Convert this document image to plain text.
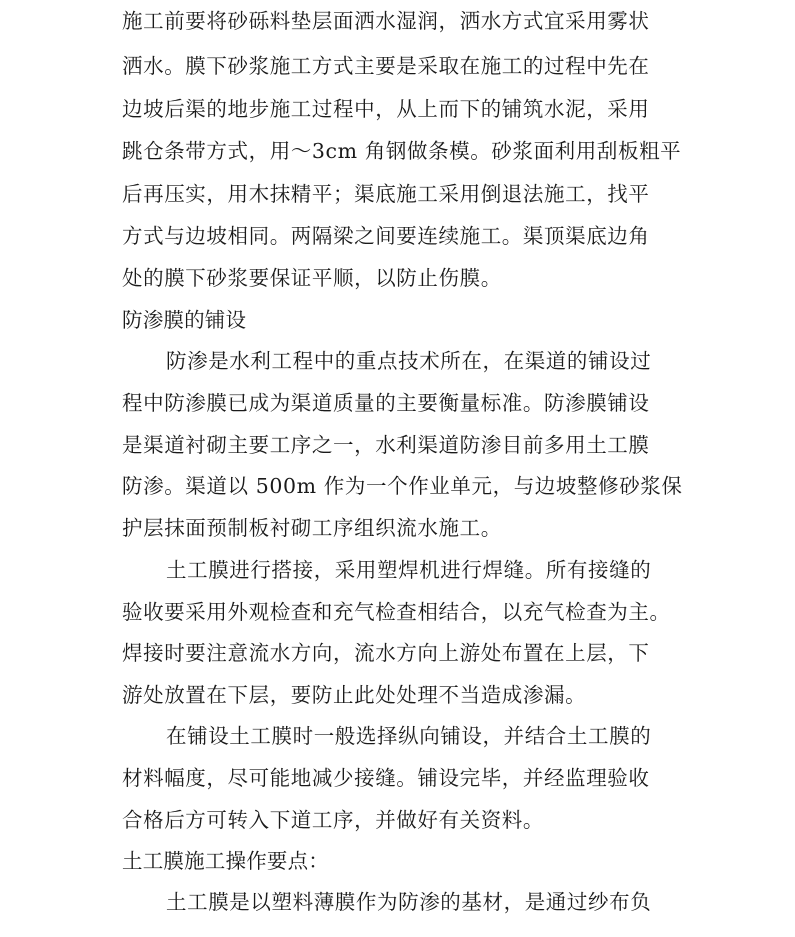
施工前要将砂砾料垫层面洒水湿润，洒水方式宜采用雾状
洒水。膜下砂浆施工方式主要是采取在施工的过程中先在
边坡后渠的地步施工过程中，从上而下的铺筑水泥，采用
跳仓条带方式，用～3cm 角钢做条模。砂浆面利用刮板粗平
后再压实，用木抹精平；渠底施工采用倒退法施工，找平
方式与边坡相同。两隔梁之间要连续施工。渠顶渠底边角
处的膜下砂浆要保证平顺，以防止伤膜。
防渗膜的铺设
防渗是水利工程中的重点技术所在，在渠道的铺设过
程中防渗膜已成为渠道质量的主要衡量标准。防渗膜铺设
是渠道衬砌主要工序之一，水利渠道防渗目前多用土工膜
防渗。渠道以 500m 作为一个作业单元，与边坡整修砂浆保
护层抹面预制板衬砌工序组织流水施工。
土工膜进行搭接，采用塑焊机进行焊缝。所有接缝的
验收要采用外观检查和充气检查相结合，以充气检查为主。
焊接时要注意流水方向，流水方向上游处布置在上层，下
游处放置在下层，要防止此处处理不当造成渗漏。
在铺设土工膜时一般选择纵向铺设，并结合土工膜的
材料幅度，尽可能地减少接缝。铺设完毕，并经监理验收
合格后方可转入下道工序，并做好有关资料。
土工膜施工操作要点：
土工膜是以塑料薄膜作为防渗的基材，是通过纱布负
